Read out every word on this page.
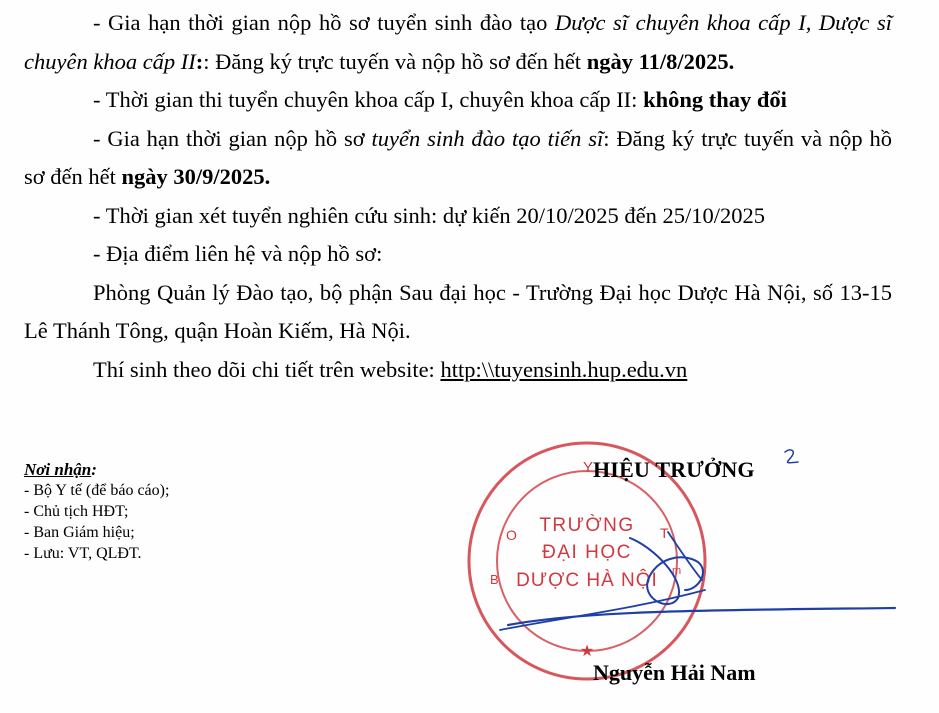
- Gia hạn thời gian nộp hồ sơ tuyển sinh đào tạo Dược sĩ chuyên khoa cấp I, Dược sĩ chuyên khoa cấp II:: Đăng ký trực tuyến và nộp hồ sơ đến hết ngày 11/8/2025.

- Thời gian thi tuyển chuyên khoa cấp I, chuyên khoa cấp II: không thay đổi

- Gia hạn thời gian nộp hồ sơ tuyển sinh đào tạo tiến sĩ: Đăng ký trực tuyến và nộp hồ sơ đến hết ngày 30/9/2025.

- Thời gian xét tuyển nghiên cứu sinh: dự kiến 20/10/2025 đến 25/10/2025

- Địa điểm liên hệ và nộp hồ sơ:

Phòng Quản lý Đào tạo, bộ phận Sau đại học - Trường Đại học Dược Hà Nội, số 13-15 Lê Thánh Tông, quận Hoàn Kiếm, Hà Nội.

Thí sinh theo dõi chi tiết trên website: http:\\tuyensinh.hup.edu.vn

Nơi nhận:
- Bộ Y tế (để báo cáo);
- Chủ tịch HĐT;
- Ban Giám hiệu;
- Lưu: VT, QLĐT.
Y
O	T
B
m
TRƯỜNG
ĐẠI HỌC
DƯỢC HÀ NỘI
★
HIỆU TRƯỞNG
Nguyễn Hải Nam
